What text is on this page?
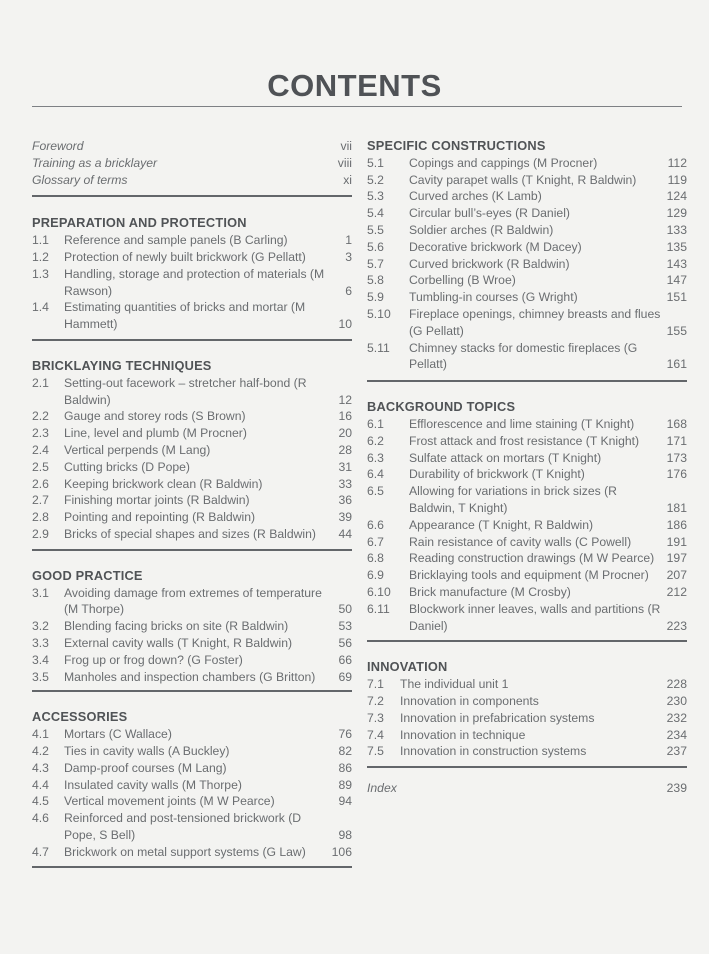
CONTENTS
Foreword	vii
Training as a bricklayer	viii
Glossary of terms	xi
PREPARATION AND PROTECTION
1.1	Reference and sample panels (B Carling)	1
1.2	Protection of newly built brickwork (G Pellatt)	3
1.3	Handling, storage and protection of materials (M Rawson)	6
1.4	Estimating quantities of bricks and mortar (M Hammett)	10
BRICKLAYING TECHNIQUES
2.1	Setting-out facework – stretcher half-bond (R Baldwin)	12
2.2	Gauge and storey rods (S Brown)	16
2.3	Line, level and plumb (M Procner)	20
2.4	Vertical perpends (M Lang)	28
2.5	Cutting bricks (D Pope)	31
2.6	Keeping brickwork clean (R Baldwin)	33
2.7	Finishing mortar joints (R Baldwin)	36
2.8	Pointing and repointing (R Baldwin)	39
2.9	Bricks of special shapes and sizes (R Baldwin)	44
GOOD PRACTICE
3.1	Avoiding damage from extremes of temperature (M Thorpe)	50
3.2	Blending facing bricks on site (R Baldwin)	53
3.3	External cavity walls (T Knight, R Baldwin)	56
3.4	Frog up or frog down? (G Foster)	66
3.5	Manholes and inspection chambers (G Britton)	69
ACCESSORIES
4.1	Mortars (C Wallace)	76
4.2	Ties in cavity walls (A Buckley)	82
4.3	Damp-proof courses (M Lang)	86
4.4	Insulated cavity walls (M Thorpe)	89
4.5	Vertical movement joints (M W Pearce)	94
4.6	Reinforced and post-tensioned brickwork (D Pope, S Bell)	98
4.7	Brickwork on metal support systems (G Law)	106
SPECIFIC CONSTRUCTIONS
5.1	Copings and cappings (M Procner)	112
5.2	Cavity parapet walls (T Knight, R Baldwin)	119
5.3	Curved arches (K Lamb)	124
5.4	Circular bull’s-eyes (R Daniel)	129
5.5	Soldier arches (R Baldwin)	133
5.6	Decorative brickwork (M Dacey)	135
5.7	Curved brickwork (R Baldwin)	143
5.8	Corbelling (B Wroe)	147
5.9	Tumbling-in courses (G Wright)	151
5.10	Fireplace openings, chimney breasts and flues (G Pellatt)	155
5.11	Chimney stacks for domestic fireplaces (G Pellatt)	161
BACKGROUND TOPICS
6.1	Efflorescence and lime staining (T Knight)	168
6.2	Frost attack and frost resistance (T Knight)	171
6.3	Sulfate attack on mortars (T Knight)	173
6.4	Durability of brickwork (T Knight)	176
6.5	Allowing for variations in brick sizes (R Baldwin, T Knight)	181
6.6	Appearance (T Knight, R Baldwin)	186
6.7	Rain resistance of cavity walls (C Powell)	191
6.8	Reading construction drawings (M W Pearce)	197
6.9	Bricklaying tools and equipment (M Procner)	207
6.10	Brick manufacture (M Crosby)	212
6.11	Blockwork inner leaves, walls and partitions (R Daniel)	223
INNOVATION
7.1	The individual unit 1	228
7.2	Innovation in components	230
7.3	Innovation in prefabrication systems	232
7.4	Innovation in technique	234
7.5	Innovation in construction systems	237
Index	239
